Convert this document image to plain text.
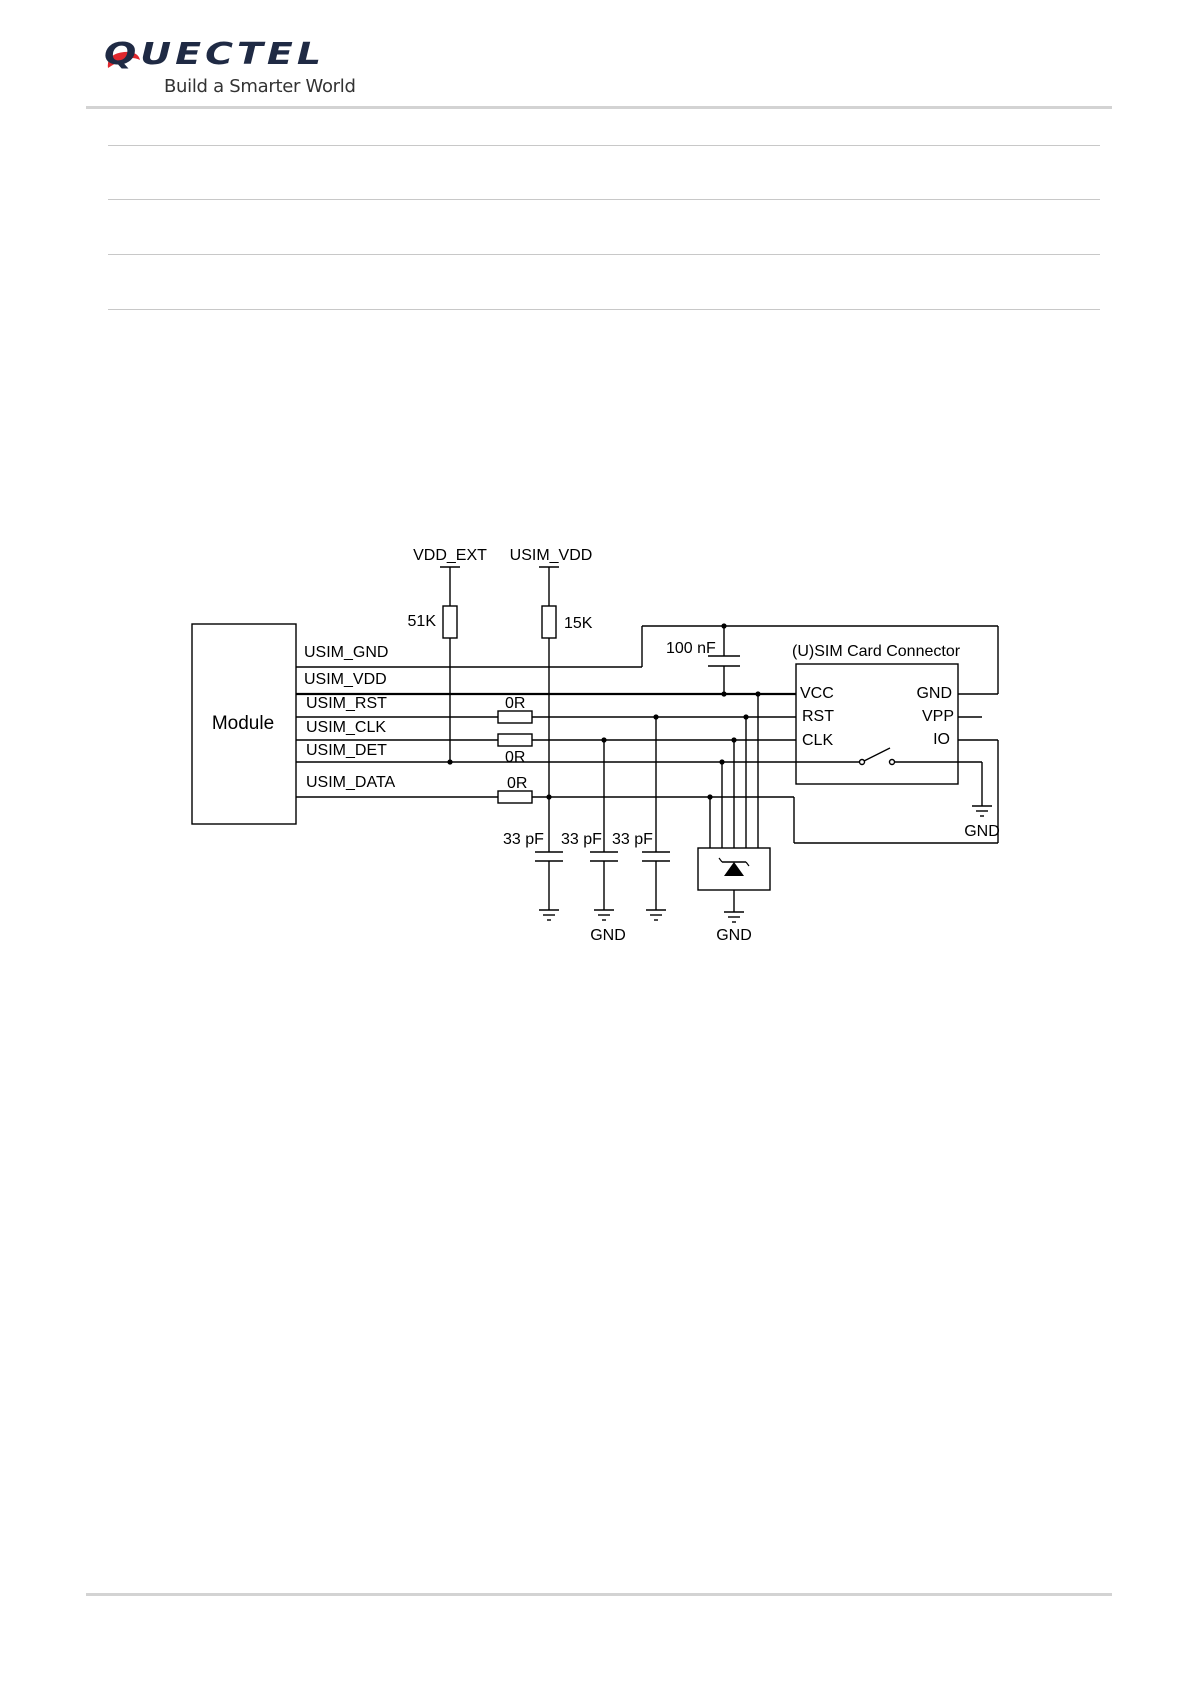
QUECTEL
Build a Smarter World
Module
(U)SIM Card Connector
VDD_EXT USIM_VDD
USIM_GND
USIM_VDD
USIM_RST
USIM_CLK
USIM_DET
USIM_DATA
VCC
RST
CLK
GND
VPP
IO
51K	15K
100 nF
0R
0R
0R
33 pF 33 pF 33 pF	GND
GND	GND
